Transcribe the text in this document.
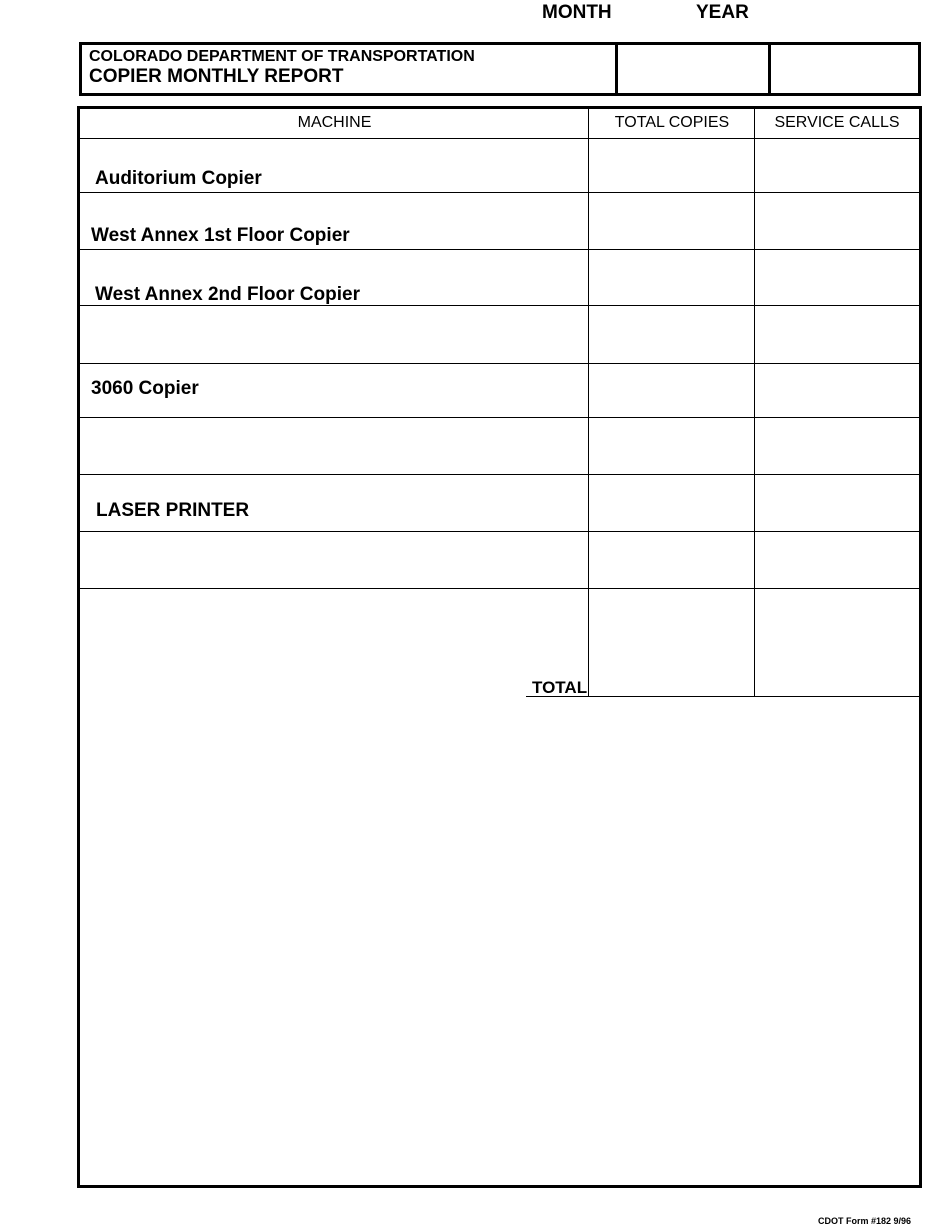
COLORADO DEPARTMENT OF TRANSPORTATION
COPIER MONTHLY REPORT
MONTH	YEAR
MACHINE	TOTAL COPIES	SERVICE CALLS
Auditorium Copier
West Annex 1st Floor Copier
West Annex 2nd Floor Copier
3060 Copier
LASER PRINTER
TOTAL
CDOT Form #182 9/96
